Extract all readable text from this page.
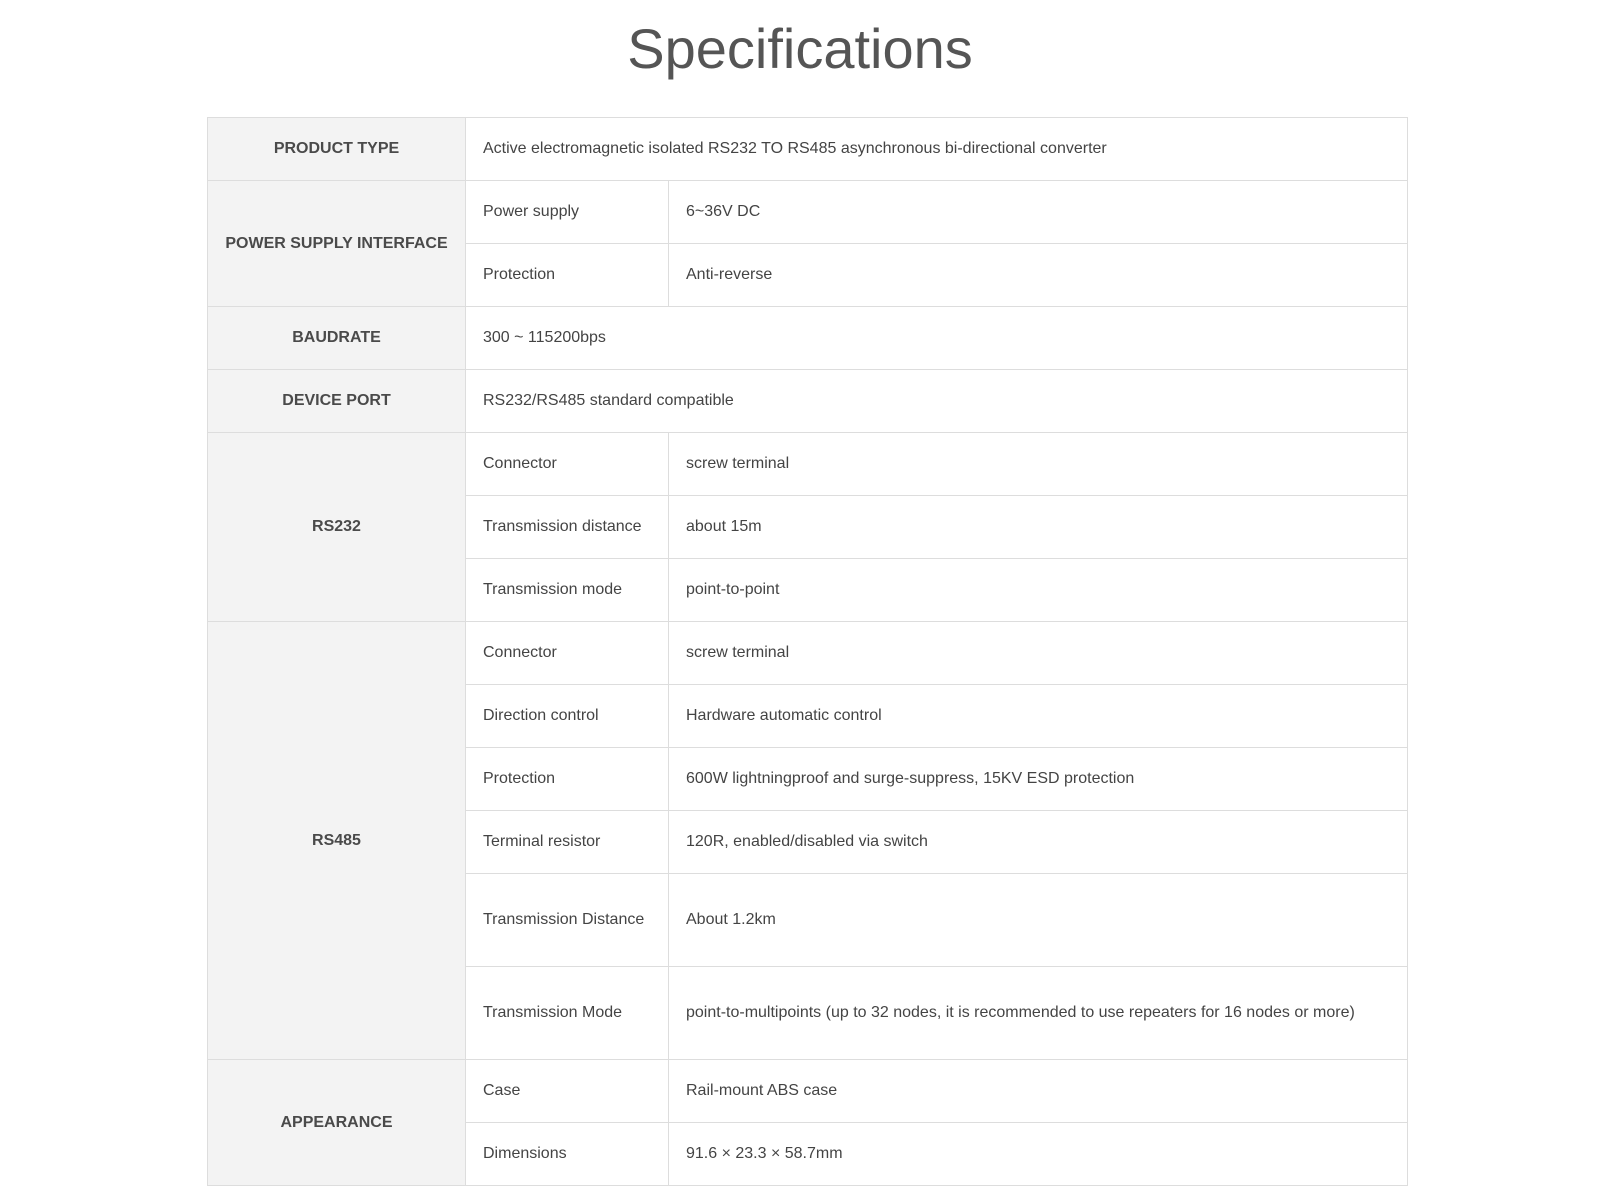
Specifications
PRODUCT TYPE	Active electromagnetic isolated RS232 TO RS485 asynchronous bi-directional converter	
POWER SUPPLY INTERFACE	Power supply	6~36V DC
	Protection	Anti-reverse
BAUDRATE	300 ~ 115200bps	
DEVICE PORT	RS232/RS485 standard compatible	
RS232	Connector	screw terminal
	Transmission distance	about 15m
	Transmission mode	point-to-point
RS485	Connector	screw terminal
	Direction control	Hardware automatic control
	Protection	600W lightningproof and surge-suppress, 15KV ESD protection
	Terminal resistor	120R, enabled/disabled via switch
	Transmission Distance	About 1.2km
	Transmission Mode	point-to-multipoints (up to 32 nodes, it is recommended to use repeaters for 16 nodes or more)
APPEARANCE	Case	Rail-mount ABS case
	Dimensions	91.6 × 23.3 × 58.7mm
